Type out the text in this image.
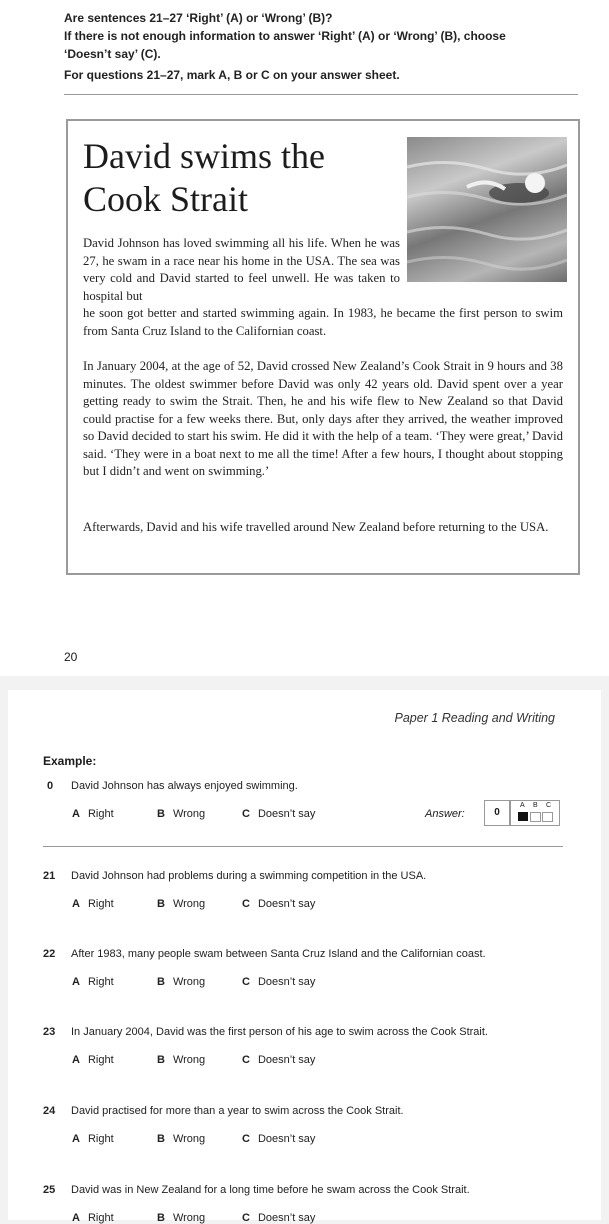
Are sentences 21–27 ‘Right’ (A) or ‘Wrong’ (B)?
If there is not enough information to answer ‘Right’ (A) or ‘Wrong’ (B), choose
‘Doesn’t say’ (C).
For questions 21–27, mark A, B or C on your answer sheet.
David swims the
Cook Strait
David Johnson has loved swimming all his life. When he was 27, he swam in a race near his home in the USA. The sea was very cold and David started to feel unwell. He was taken to hospital but
he soon got better and started swimming again. In 1983, he became the first person to swim from Santa Cruz Island to the Californian coast.
In January 2004, at the age of 52, David crossed New Zealand’s Cook Strait in 9 hours and 38 minutes. The oldest swimmer before David was only 42 years old. David spent over a year getting ready to swim the Strait. Then, he and his wife flew to New Zealand so that David could practise for a few weeks there. But, only days after they arrived, the weather improved so David decided to start his swim. He did it with the help of a team. ‘They were great,’ David said. ‘They were in a boat next to me all the time! After a few hours, I thought about stopping but I didn’t and went on swimming.’
Afterwards, David and his wife travelled around New Zealand before returning to the USA.
20
Paper 1 Reading and Writing
Example:
0 David Johnson has always enjoyed swimming.
A Right	B Wrong	C Doesn’t say	Answer:	0
A B C
21 David Johnson had problems during a swimming competition in the USA.
A Right	B Wrong	C Doesn’t say
22 After 1983, many people swam between Santa Cruz Island and the Californian coast.
A Right	B Wrong	C Doesn’t say
23 In January 2004, David was the first person of his age to swim across the Cook Strait.
A Right	B Wrong	C Doesn’t say
24 David practised for more than a year to swim across the Cook Strait.
A Right	B Wrong	C Doesn’t say
25 David was in New Zealand for a long time before he swam across the Cook Strait.
A Right	B Wrong	C Doesn’t say
